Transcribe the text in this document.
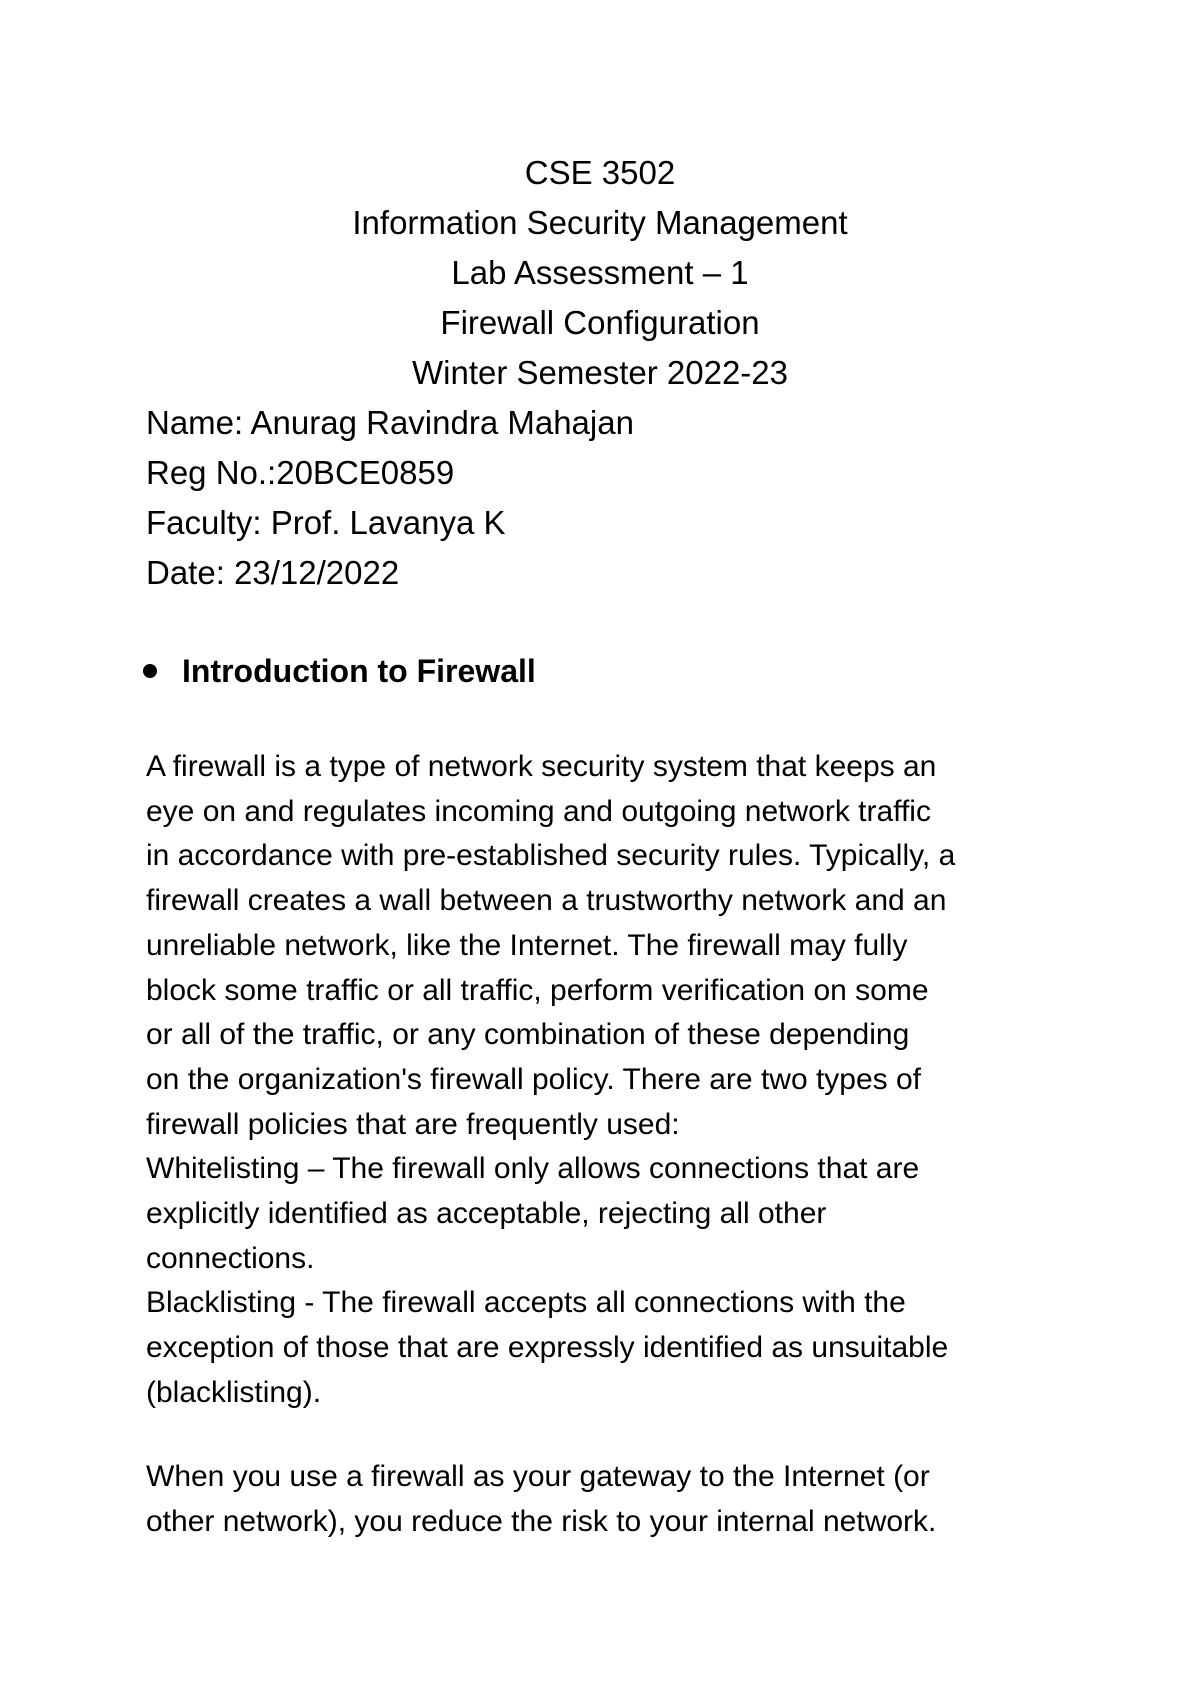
CSE 3502
Information Security Management
Lab Assessment – 1
Firewall Configuration
Winter Semester 2022-23
Name: Anurag Ravindra Mahajan
Reg No.:20BCE0859
Faculty: Prof. Lavanya K
Date: 23/12/2022
Introduction to Firewall
A firewall is a type of network security system that keeps an
eye on and regulates incoming and outgoing network traffic
in accordance with pre-established security rules. Typically, a
firewall creates a wall between a trustworthy network and an
unreliable network, like the Internet. The firewall may fully
block some traffic or all traffic, perform verification on some
or all of the traffic, or any combination of these depending
on the organization's firewall policy. There are two types of
firewall policies that are frequently used:
Whitelisting – The firewall only allows connections that are
explicitly identified as acceptable, rejecting all other
connections.
Blacklisting - The firewall accepts all connections with the
exception of those that are expressly identified as unsuitable
(blacklisting).
When you use a firewall as your gateway to the Internet (or
other network), you reduce the risk to your internal network.
